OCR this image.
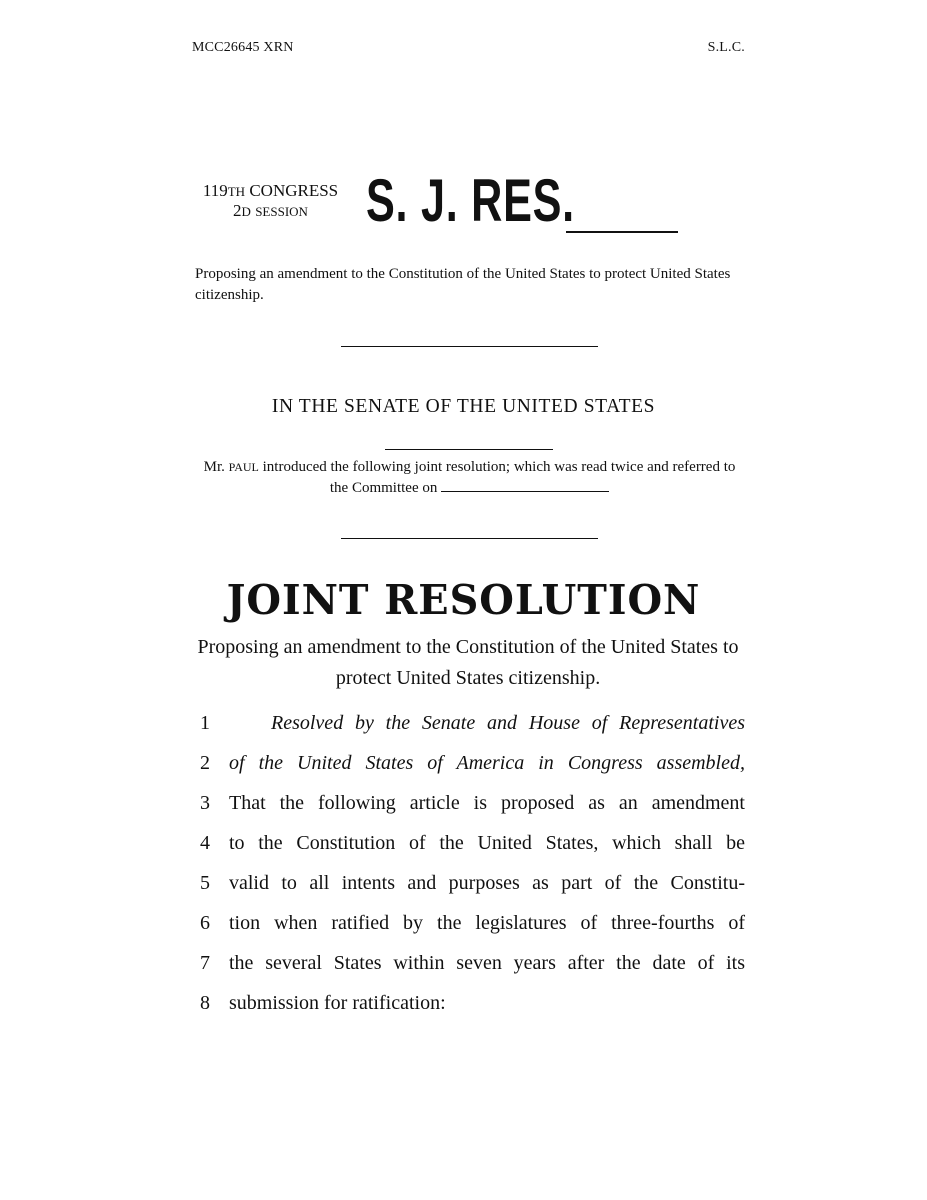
MCC26645 XRN	S.L.C.
119TH CONGRESS
2D SESSION S. J. RES.
Proposing an amendment to the Constitution of the United States to protect United States citizenship.
IN THE SENATE OF THE UNITED STATES
Mr. PAUL introduced the following joint resolution; which was read twice and referred to the Committee on
JOINT RESOLUTION
Proposing an amendment to the Constitution of the United States to protect United States citizenship.
1	Resolved by the Senate and House of Representatives
2 of the United States of America in Congress assembled,
3 That the following article is proposed as an amendment
4 to the Constitution of the United States, which shall be
5 valid to all intents and purposes as part of the Constitu-
6 tion when ratified by the legislatures of three-fourths of
7 the several States within seven years after the date of its
8 submission for ratification:
